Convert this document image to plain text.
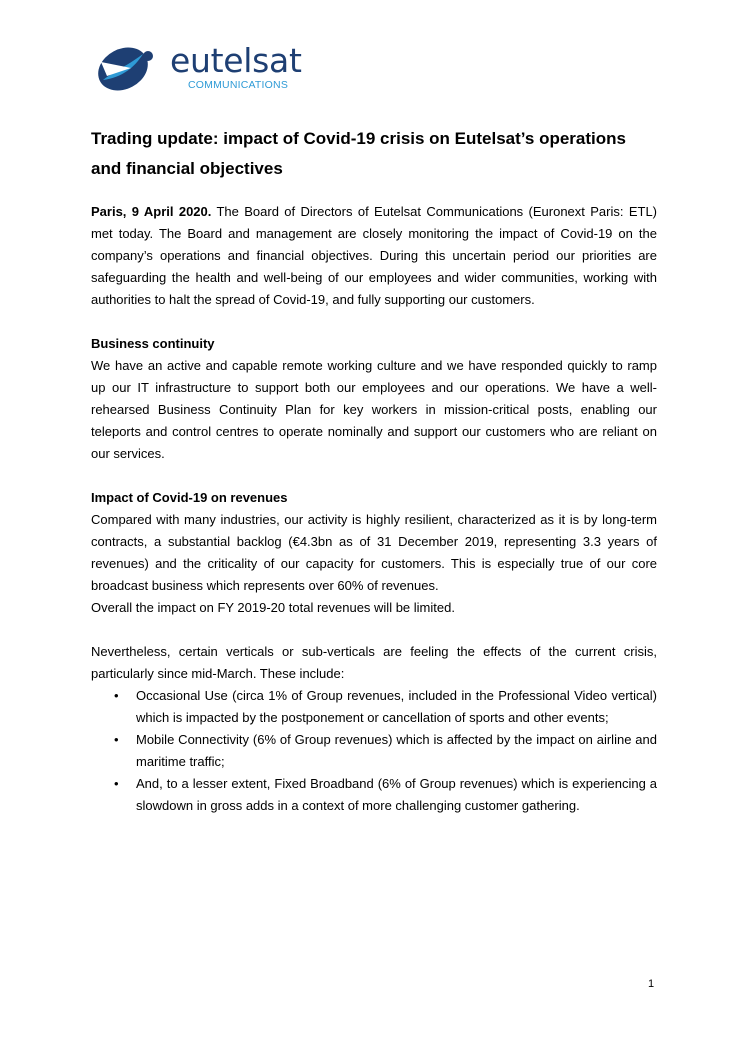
eutelsat
COMMUNICATIONS
Trading update: impact of Covid-19 crisis on Eutelsat’s operations and financial objectives

Paris, 9 April 2020. The Board of Directors of Eutelsat Communications (Euronext Paris: ETL) met today. The Board and management are closely monitoring the impact of Covid-19 on the company’s operations and financial objectives. During this uncertain period our priorities are safeguarding the health and well-being of our employees and wider communities, working with authorities to halt the spread of Covid-19, and fully supporting our customers.

Business continuity

We have an active and capable remote working culture and we have responded quickly to ramp up our IT infrastructure to support both our employees and our operations. We have a well-rehearsed Business Continuity Plan for key workers in mission-critical posts, enabling our teleports and control centres to operate nominally and support our customers who are reliant on our services.

Impact of Covid-19 on revenues

Compared with many industries, our activity is highly resilient, characterized as it is by long-term contracts, a substantial backlog (€4.3bn as of 31 December 2019, representing 3.3 years of revenues) and the criticality of our capacity for customers. This is especially true of our core broadcast business which represents over 60% of revenues.

Overall the impact on FY 2019-20 total revenues will be limited.

Nevertheless, certain verticals or sub-verticals are feeling the effects of the current crisis, particularly since mid-March. These include:

• Occasional Use (circa 1% of Group revenues, included in the Professional Video vertical) which is impacted by the postponement or cancellation of sports and other events;
• Mobile Connectivity (6% of Group revenues) which is affected by the impact on airline and maritime traffic;
• And, to a lesser extent, Fixed Broadband (6% of Group revenues) which is experiencing a slowdown in gross adds in a context of more challenging customer gathering.
1
